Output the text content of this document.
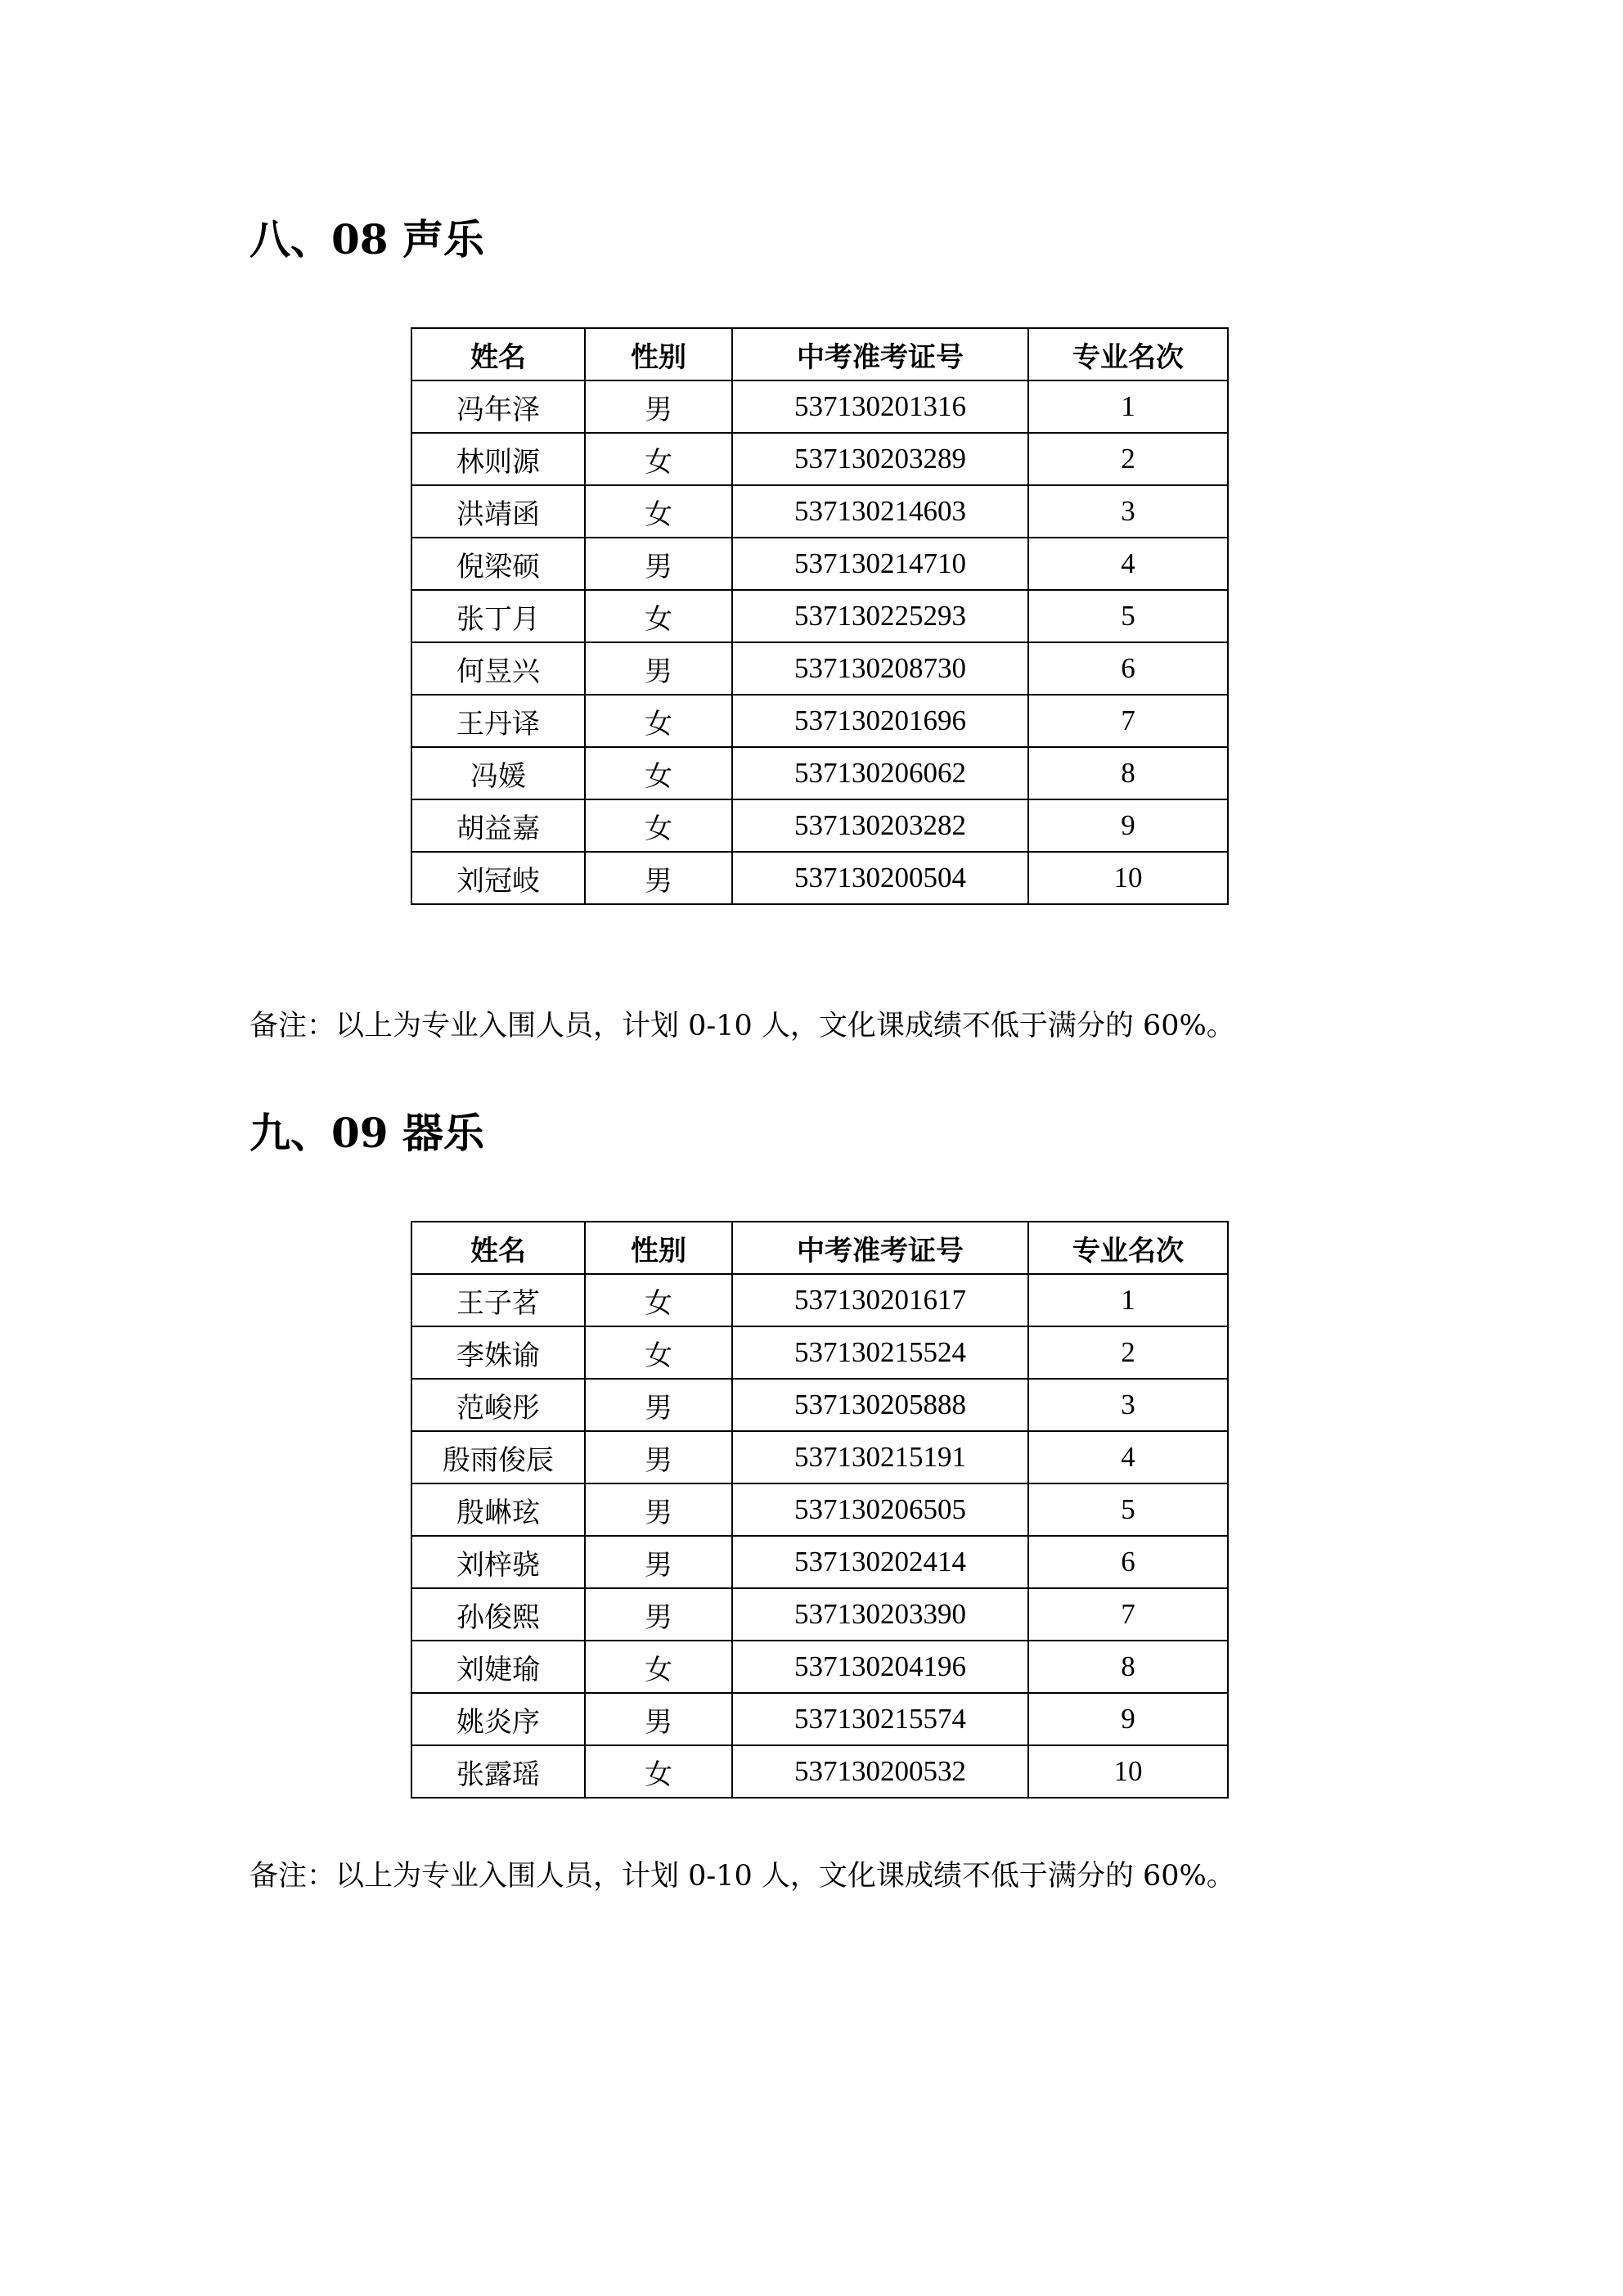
八、08 声乐
姓名	性别	中考准考证号	专业名次
冯年泽	男	537130201316	1
林则源	女	537130203289	2
洪靖函	女	537130214603	3
倪梁硕	男	537130214710	4
张丁月	女	537130225293	5
何昱兴	男	537130208730	6
王丹译	女	537130201696	7
冯媛	女	537130206062	8
胡益嘉	女	537130203282	9
刘冠岐	男	537130200504	10

备注：以上为专业入围人员，计划 0-10 人，文化课成绩不低于满分的 60%。

九、09 器乐
姓名	性别	中考准考证号	专业名次
王子茗	女	537130201617	1
李姝谕	女	537130215524	2
范峻彤	男	537130205888	3
殷雨俊辰	男	537130215191	4
殷崊玹	男	537130206505	5
刘梓骁	男	537130202414	6
孙俊熙	男	537130203390	7
刘婕瑜	女	537130204196	8
姚炎序	男	537130215574	9
张露瑶	女	537130200532	10

备注：以上为专业入围人员，计划 0-10 人，文化课成绩不低于满分的 60%。
